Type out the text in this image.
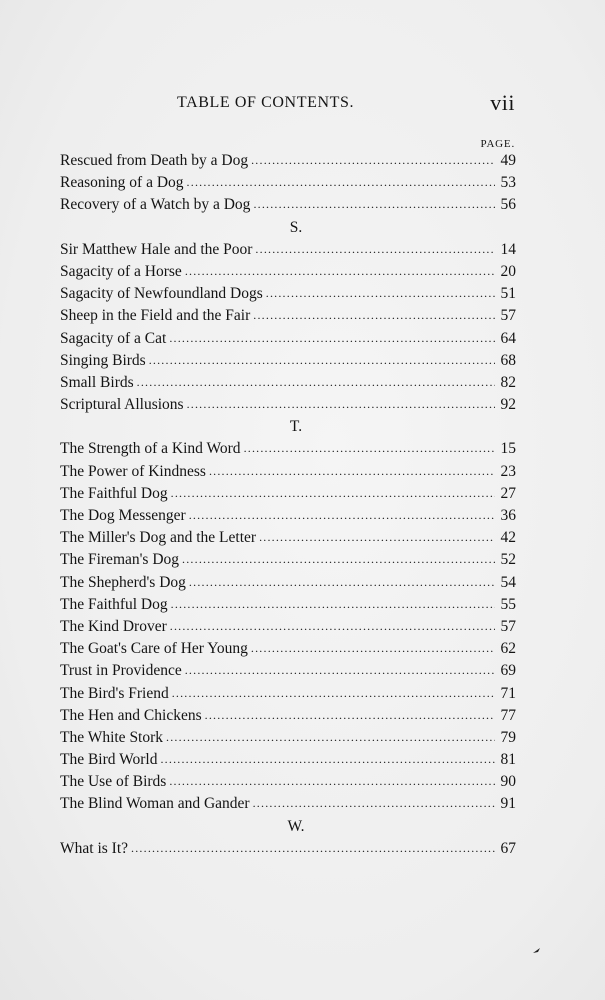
TABLE OF CONTENTS.	vii
PAGE.
Rescued from Death by a Dog .....	49
Reasoning of a Dog .....	53
Recovery of a Watch by a Dog .....	56
S.
Sir Matthew Hale and the Poor .....	14
Sagacity of a Horse .....	20
Sagacity of Newfoundland Dogs .....	51
Sheep in the Field and the Fair .....	57
Sagacity of a Cat .....	64
Singing Birds .....	68
Small Birds .....	82
Scriptural Allusions .....	92
T.
The Strength of a Kind Word .....	15
The Power of Kindness .....	23
The Faithful Dog .....	27
The Dog Messenger .....	36
The Miller's Dog and the Letter .....	42
The Fireman's Dog .....	52
The Shepherd's Dog .....	54
The Faithful Dog .....	55
The Kind Drover .....	57
The Goat's Care of Her Young .....	62
Trust in Providence .....	69
The Bird's Friend .....	71
The Hen and Chickens .....	77
The White Stork .....	79
The Bird World .....	81
The Use of Birds .....	90
The Blind Woman and Gander .....	91
W.
What is It? .....	67
